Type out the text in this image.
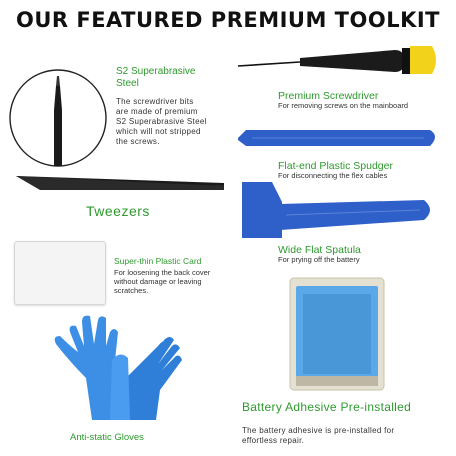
OUR FEATURED PREMIUM TOOLKIT
S2 Superabrasive
Steel
The screwdriver bits
are made of premium
S2 Superabrasive Steel
which will not stripped
the screws.
Premium Screwdriver
For removing screws on the mainboard
Flat-end Plastic Spudger
For disconnecting the flex cables
Tweezers
Wide Flat Spatula
For prying off the battery
Super-thin Plastic Card
For loosening the back cover
without damage or leaving
scratches.
Battery Adhesive Pre-installed
The battery adhesive is pre-installed for
effortless repair.
Anti-static Gloves
